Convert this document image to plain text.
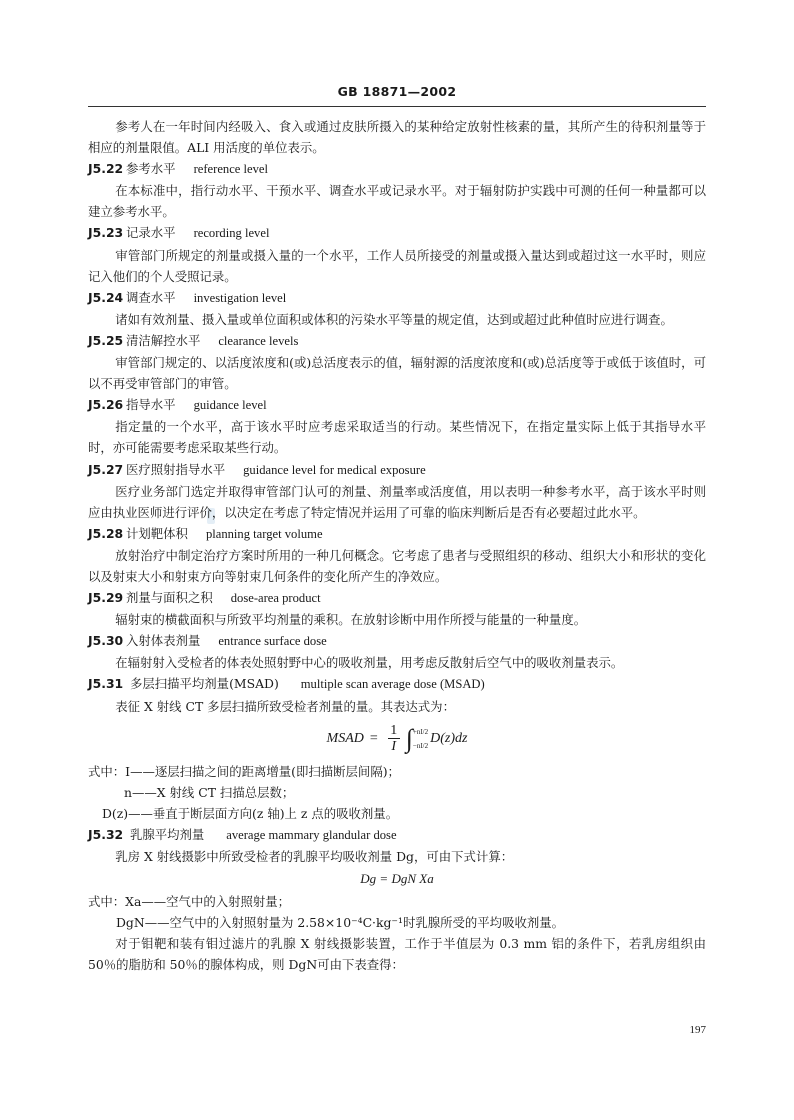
GB 18871—2002

参考人在一年时间内经吸入、食入或通过皮肤所摄入的某种给定放射性核素的量，其所产生的待积剂量等于相应的剂量限值。ALI 用活度的单位表示。

J5.22 参考水平 reference level

在本标准中，指行动水平、干预水平、调查水平或记录水平。对于辐射防护实践中可测的任何一种量都可以建立参考水平。

J5.23 记录水平 recording level

审管部门所规定的剂量或摄入量的一个水平，工作人员所接受的剂量或摄入量达到或超过这一水平时，则应记入他们的个人受照记录。

J5.24 调查水平 investigation level

诸如有效剂量、摄入量或单位面积或体积的污染水平等量的规定值，达到或超过此种值时应进行调查。

J5.25 清洁解控水平 clearance levels

审管部门规定的、以活度浓度和(或)总活度表示的值，辐射源的活度浓度和(或)总活度等于或低于该值时，可以不再受审管部门的审管。

J5.26 指导水平 guidance level

指定量的一个水平，高于该水平时应考虑采取适当的行动。某些情况下，在指定量实际上低于其指导水平时，亦可能需要考虑采取某些行动。

J5.27 医疗照射指导水平 guidance level for medical exposure

医疗业务部门选定并取得审管部门认可的剂量、剂量率或活度值，用以表明一种参考水平，高于该水平时则应由执业医师进行评价，以决定在考虑了特定情况并运用了可靠的临床判断后是否有必要超过此水平。

J5.28 计划靶体积 planning target volume

放射治疗中制定治疗方案时所用的一种几何概念。它考虑了患者与受照组织的移动、组织大小和形状的变化以及射束大小和射束方向等射束几何条件的变化所产生的净效应。

J5.29 剂量与面积之积 dose-area product

辐射束的横截面积与所致平均剂量的乘积。在放射诊断中用作所授与能量的一种量度。

J5.30 入射体表剂量 entrance surface dose

在辐射射入受检者的体表处照射野中心的吸收剂量，用考虑反散射后空气中的吸收剂量表示。

J5.31 多层扫描平均剂量(MSAD) multiple scan average dose (MSAD)

表征 X 射线 CT 多层扫描所致受检者剂量的量。其表达式为：

MSAD = $\frac{1}{I}$ ∫ +nI/2
−nI/2 D(z)dz

式中：I——逐层扫描之间的距离增量(即扫描断层间隔)；

n——X 射线 CT 扫描总层数；

D(z)——垂直于断层面方向(z 轴)上 z 点的吸收剂量。

J5.32 乳腺平均剂量 average mammary glandular dose

乳房 X 射线摄影中所致受检者的乳腺平均吸收剂量 Dg，可由下式计算：

Dg = DgN Xa

式中：Xa——空气中的入射照射量；

DgN——空气中的入射照射量为 2.58×10⁻⁴C·kg⁻¹时乳腺所受的平均吸收剂量。

对于钼靶和装有钼过滤片的乳腺 X 射线摄影装置，工作于半值层为 0.3 mm 铝的条件下，若乳房组织由 50％的脂肪和 50％的腺体构成，则 DgN可由下表查得：

197
